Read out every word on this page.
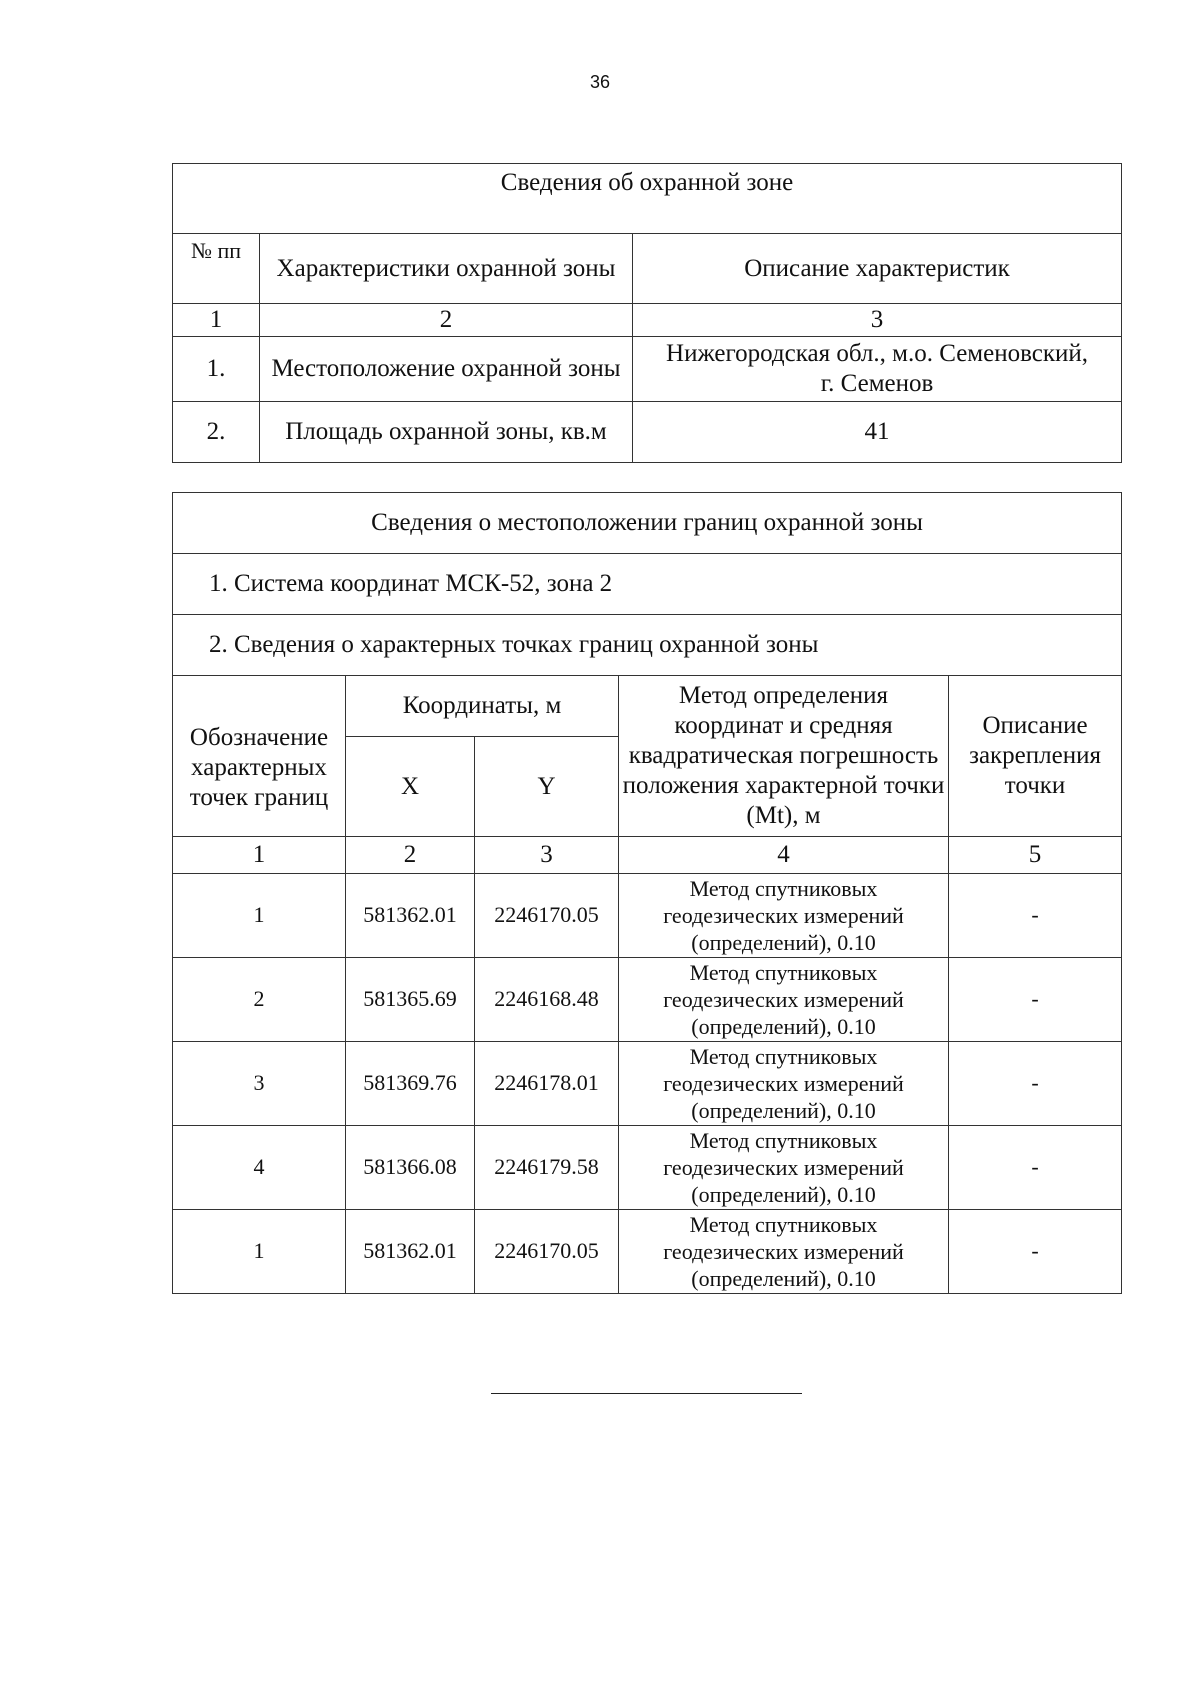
36
Сведения об охранной зоне		
№ пп	Характеристики охранной зоны	Описание характеристик
1	2	3
1.	Местоположение охранной зоны	Нижегородская обл., м.о. Семеновский,
г. Семенов

2.	Площадь охранной зоны, кв.м	41
Сведения о местоположении границ охранной зоны				
1. Система координат МСК-52, зона 2				
2. Сведения о характерных точках границ охранной зоны				
Обозначение характерных точек границ	Координаты, м		Метод определения координат и средняя квадратическая погрешность положения характерной точки (Mt), м	Описание закрепления точки
	X	Y		
1	2	3	4	5
1	581362.01	2246170.05	Метод спутниковых
геодезических измерений
(определений), 0.10	-
2	581365.69	2246168.48	Метод спутниковых
геодезических измерений
(определений), 0.10	-
3	581369.76	2246178.01	Метод спутниковых
геодезических измерений
(определений), 0.10	-
4	581366.08	2246179.58	Метод спутниковых
геодезических измерений
(определений), 0.10	-
1	581362.01	2246170.05	Метод спутниковых
геодезических измерений
(определений), 0.10	-
